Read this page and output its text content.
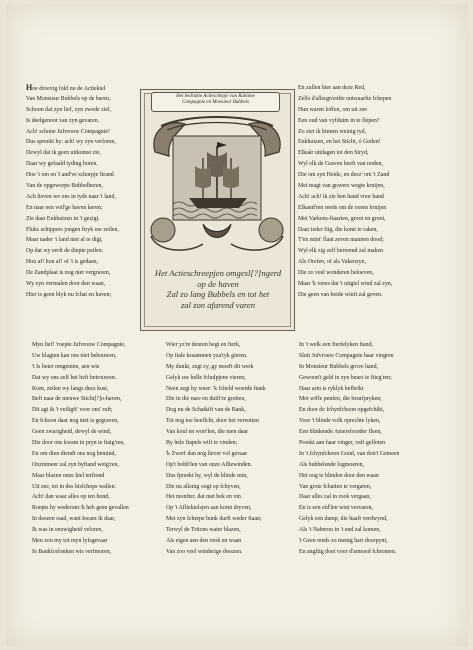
Hoe droevig fold nu de Actiekiel
Van Monsieur Bubbels op de baren,
Schoon dat zyn lief, zyn zwede ziel,
Is deelgenoot van zyn gevaren.
Ach! schone Jufvrouw Compagnie!
Dus spreekt hy: ach! wy zyn verloren,
Dewyl dat ik geen uitkomst zie,
Daar wy gefaald tyding horen,
Hoe 't om en 't and've schorpje ftrand
Van de opgeworpe Bubbelheren,
Ach lieven we ons in tyds naar 't land,
En naar een veil'ge haven keren;
Zie daar Enkhuizen in 't gezigt.
Fluks schippers jongen ftryk uw zeilen,
Maar nader 't land niet al te digt,
Op dat wy eerft de diepte peilen:
Hou af! hou af! of 't is gedaan,
De Zandplaat is nog niet vergraven,
Wy zyn vermalen door den waan,
Hier is geen blyk nu fchat en haven;
Het bedrukte Actieschepje van Rabinne
Compagnie en Monsieur Bubbels
Het Actieschreepjen omgesl[?]ngerd
op de haven
Zal zo lang Bubbels en tot het
zal zon afarend varen
En zullen hier aan deze Red,
Zelfs d'allergrootfte ontwaarfte fchepen
Hun waren loffen, om uit zee
Een oud van vyfduim in te flepen?
Zo ziet ik binnen weinig tyd,
Enkhuizen, en het Sticht, ó Goden!
Elkaâr uitdagen tot den Stryd,
Wyl elk de Graven heeft van noden,
Die om syn Heide, en deez' om 't Zand
Met magt van gravers wegte kruijen,
Ach! ach! ik zie hen hand voor hand
Elkand'ren reeds om de ooren bruijen
Met Varkens-ftaarten, groot en groot,
Daar ieder fiig, die komt te raken,
T'en mint' flaat zeven mannen dood;
Wyl elk zig zelf beroemd zal maken
Als Orefen, of als Vakenzyn,
Die zo veel wonderen beloeven,
Maar 'k vrees dat 't uitgiel wind zal zyn,
Die geen van beide winft zal geven.
Myn lief! 'roepte Jufvrouw Compagnie,
Uw klagten kan ons niet behouwen,
't Is beter omgenien, aen wie
Dat wy ons zelf het beft betrouwen.
Kom, zeilen wy langs deez kust,
Beft naar de nieuwe Sticht[?]o-haven,
Dit agt ik 't veiligft' voor ons' ruft;
En fchoon daar nog niet is gegraven,
Geen zwarigheid, dewyl de wind,
Die door ons kwam in pryn te ftaig'ren,
En om dien diendt ons nog bemind,
Onzinmeer zal zyn byftand weig'ren,
Maar blazen onze kiel terftond
Uit zee, tot in des bisfchops wallen.
Ach! dan waar alles op ten hond,
Roepts hy wederom:'k heb geen gevallen
In deezen raad, want kwam ik daar,
Ik was in eeuwigheid veloren,
Men zou my tot myn lyfsgevaar
In Bankfcelonken wis verfmoren,
Wier yz're deuren hegt en fterk,
Op ftale kraammen yza'tyk gieren.
My dunkt, zegt zy, gy moeft dit werk
Gelyk uw belle fchulpjens vieren,
Neen zegt hy weer: 'k fcheld woerde ftank
Die in die nare en duift're grotten,
Dog nu de Schatkift van de Bank,
Tot nog toe beeflcht, door het vereotten
Van koul en wort'len, die men daar
By hele ftapels wift te vinden;
'k Zwerf dan nog liever vol gevaar
Op't bobb'len van onze Afliewinden.
Dus fpreekt hy, wyl de blinde min,
Die nu allenig oogt op fchyven,
Het monfter, dat met bek en vin
Op 't Afliekielsjen aan komt dryven,
Met zyn fcherpe bunk durft weder ftaan;
Terwyl de Tritons water blazen,
Als eigen aen den rook en waan
Van zoo veel winderige dwazen.
In 't welk een fterfelyken ftand,
Sluit Jufvrouw Compagnie haar vingren
In Monsieur Bubbels grove hand,
Gewoon't geld in zyn beurs te ftieg'ren;
Haar arm is ryklyk befbrikt
Met wiffe penfen, die beurfpryken,
En door de fchynfchoon opgefchikt,
Voor 't blinde volk oprechte lyken,
Een blinkende Amersfoorder fleen,
Pronkt aan haar vinger, vaft gefloten
In 't fchynfchoon Goud, van don't Gemeen
Als bubbelende logmoeren,
Het oog te blinden door den waan
Van grote fchatten te vergaren,
Daar alles zal in rook vergaan,
En is een eid'len wint vervaren,
Gelyk een damp, die haaft verdwynd,
Als 't Naberou in 't end zal komen,
't Geen reeds zo menig hart doorpynt,
En angftig doet voor d'armoed fchromen.
